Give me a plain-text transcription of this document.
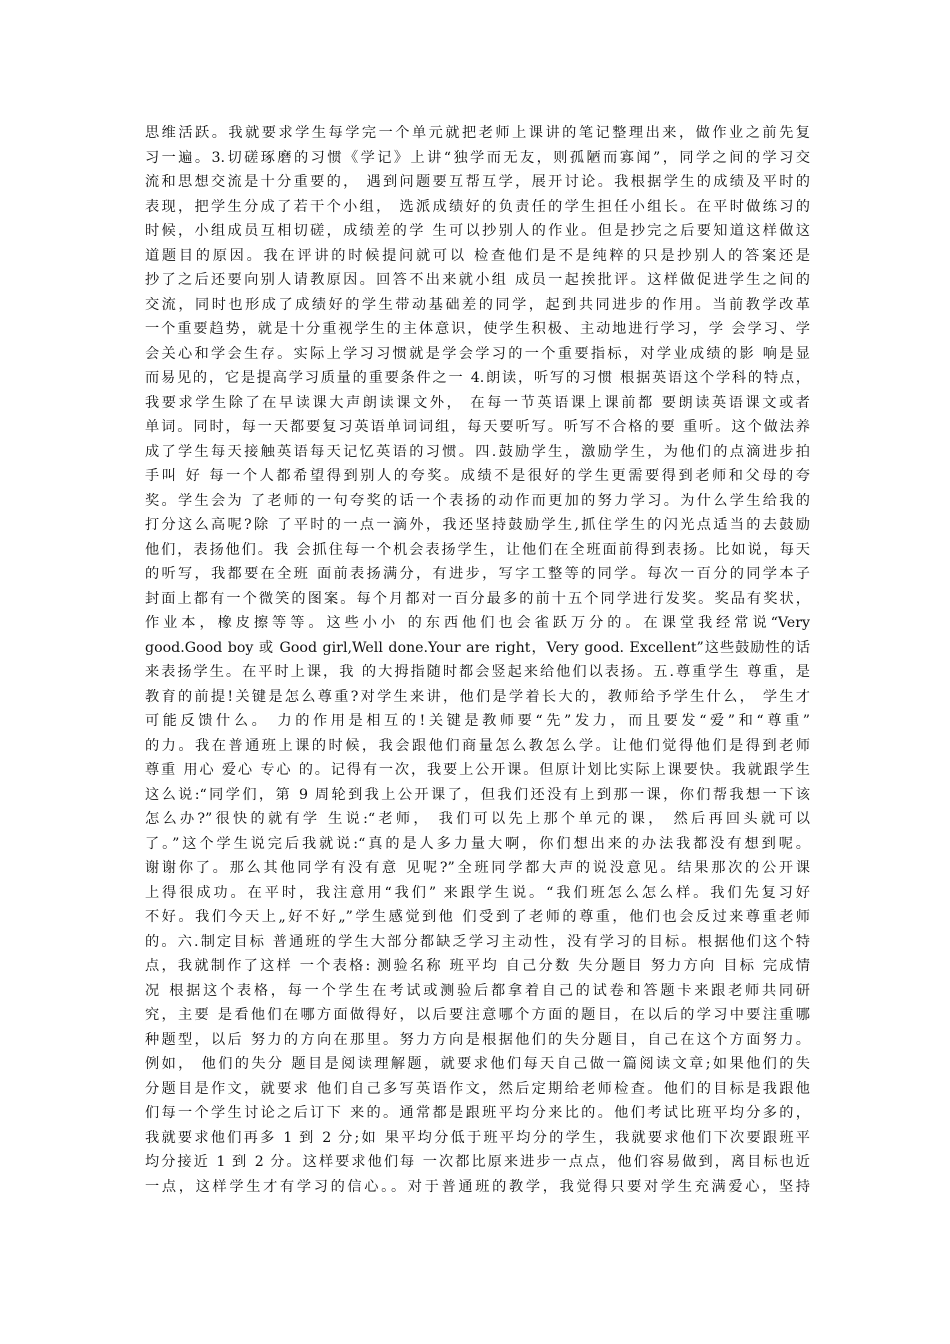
思维活跃。我就要求学生每学完一个单元就把老师上课讲的笔记整理出来，做作业之前先复
习一遍。3.切磋琢磨的习惯《学记》上讲“独学而无友，则孤陋而寡闻”，同学之间的学习交
流和思想交流是十分重要的， 遇到问题要互帮互学，展开讨论。我根据学生的成绩及平时的
表现，把学生分成了若干个小组， 选派成绩好的负责任的学生担任小组长。在平时做练习的
时候，小组成员互相切磋，成绩差的学 生可以抄别人的作业。但是抄完之后要知道这样做这
道题目的原因。我在评讲的时候提问就可以 检查他们是不是纯粹的只是抄别人的答案还是
抄了之后还要向别人请教原因。回答不出来就小组 成员一起挨批评。这样做促进学生之间的
交流，同时也形成了成绩好的学生带动基础差的同学，起到共同进步的作用。当前教学改革
一个重要趋势，就是十分重视学生的主体意识，使学生积极、主动地进行学习，学 会学习、学
会关心和学会生存。实际上学习习惯就是学会学习的一个重要指标，对学业成绩的影 响是显
而易见的，它是提高学习质量的重要条件之一 4.朗读，听写的习惯 根据英语这个学科的特点，
我要求学生除了在早读课大声朗读课文外， 在每一节英语课上课前都 要朗读英语课文或者
单词。同时，每一天都要复习英语单词词组，每天要听写。听写不合格的要 重听。这个做法养
成了学生每天接触英语每天记忆英语的习惯。四.鼓励学生，激励学生，为他们的点滴进步拍
手叫 好 每一个人都希望得到别人的夸奖。成绩不是很好的学生更需要得到老师和父母的夸
奖。学生会为 了老师的一句夸奖的话一个表扬的动作而更加的努力学习。为什么学生给我的
打分这么高呢?除 了平时的一点一滴外，我还坚持鼓励学生,抓住学生的闪光点适当的去鼓励
他们，表扬他们。我 会抓住每一个机会表扬学生，让他们在全班面前得到表扬。比如说，每天
的听写，我都要在全班 面前表扬满分，有进步，写字工整等的同学。每次一百分的同学本子
封面上都有一个微笑的图案。每个月都对一百分最多的前十五个同学进行发奖。奖品有奖状，
作业本，橡皮擦等等。这些小小 的东西他们也会雀跃万分的。在课堂我经常说“Very
good.Good boy 或 Good girl,Well done.Your are right，Very good. Excellent”这些鼓励性的话
来表扬学生。在平时上课，我 的大拇指随时都会竖起来给他们以表扬。五.尊重学生 尊重，是
教育的前提!关键是怎么尊重?对学生来讲，他们是学着长大的，教师给予学生什么， 学生才
可能反馈什么。 力的作用是相互的!关键是教师要“先”发力，而且要发“爱”和“尊重”
的力。我在普通班上课的时候，我会跟他们商量怎么教怎么学。让他们觉得他们是得到老师
尊重 用心 爱心 专心 的。记得有一次，我要上公开课。但原计划比实际上课要快。我就跟学生
这么说:“同学们，第 9 周轮到我上公开课了，但我们还没有上到那一课，你们帮我想一下该
怎么办?”很快的就有学 生说:“老师， 我们可以先上那个单元的课， 然后再回头就可以
了。”这个学生说完后我就说:“真的是人多力量大啊，你们想出来的办法我都没有想到呢。
谢谢你了。那么其他同学有没有意 见呢?”全班同学都大声的说没意见。结果那次的公开课
上得很成功。在平时，我注意用“我们” 来跟学生说。“我们班怎么怎么样。我们先复习好
不好。我们今天上„好不好„”学生感觉到他 们受到了老师的尊重，他们也会反过来尊重老师
的。六.制定目标 普通班的学生大部分都缺乏学习主动性，没有学习的目标。根据他们这个特
点，我就制作了这样 一个表格: 测验名称 班平均 自己分数 失分题目 努力方向 目标 完成情
况 根据这个表格，每一个学生在考试或测验后都拿着自己的试卷和答题卡来跟老师共同研
究，主要 是看他们在哪方面做得好，以后要注意哪个方面的题目，在以后的学习中要注重哪
种题型，以后 努力的方向在那里。努力方向是根据他们的失分题目，自己在这个方面努力。
例如， 他们的失分 题目是阅读理解题，就要求他们每天自己做一篇阅读文章;如果他们的失
分题目是作文，就要求 他们自己多写英语作文，然后定期给老师检查。他们的目标是我跟他
们每一个学生讨论之后订下 来的。通常都是跟班平均分来比的。他们考试比班平均分多的，
我就要求他们再多 1 到 2 分;如 果平均分低于班平均分的学生，我就要求他们下次要跟班平
均分接近 1 到 2 分。这样要求他们每 一次都比原来进步一点点，他们容易做到，离目标也近
一点，这样学生才有学习的信心。。对于普通班的教学，我觉得只要对学生充满爱心，坚持
